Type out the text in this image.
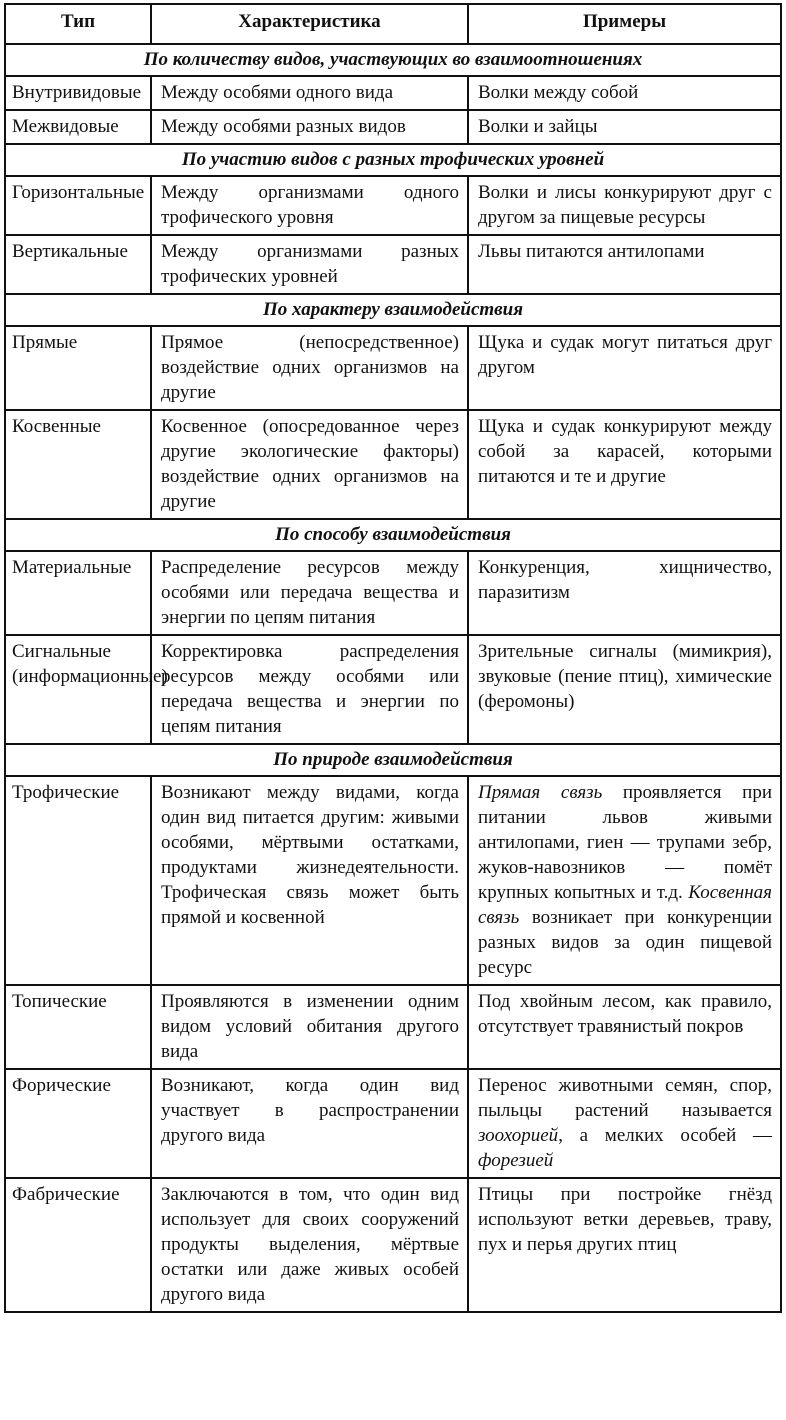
Тип	Характеристика	Примеры
По количеству видов, участвующих во взаимоотношениях		
Внутривидовые	Между особями одного вида	Волки между собой
Межвидовые	Между особями разных видов	Волки и зайцы
По участию видов с разных трофических уровней		
Горизонтальные	Между организмами одного трофического уровня	Волки и лисы конкурируют друг с другом за пищевые ресурсы
Вертикальные	Между организмами разных трофических уровней	Львы питаются антилопами
По характеру взаимодействия		
Прямые	Прямое (непосредственное) воздействие одних организмов на другие	Щука и судак могут питаться друг другом
Косвенные	Косвенное (опосредованное через другие экологические факторы) воздействие одних организмов на другие	Щука и судак конкурируют между собой за карасей, которыми питаются и те и другие
По способу взаимодействия		
Материальные	Распределение ресурсов между особями или передача вещества и энергии по цепям питания	Конкуренция, хищничество, паразитизм
Сигнальные (информационные)	Корректировка распределения ресурсов между особями или передача вещества и энергии по цепям питания	Зрительные сигналы (мимикрия), звуковые (пение птиц), химические (феромоны)
По природе взаимодействия		
Трофические	Возникают между видами, когда один вид питается другим: живыми особями, мёртвыми остатками, продуктами жизнедеятельности. Трофическая связь может быть прямой и косвенной	Прямая связь проявляется при питании львов живыми антилопами, гиен — трупами зебр, жуков-навозников — помёт крупных копытных и т.д. Косвенная связь возникает при конкуренции разных видов за один пищевой ресурс
Топические	Проявляются в изменении одним видом условий обитания другого вида	Под хвойным лесом, как правило, отсутствует травянистый покров
Форические	Возникают, когда один вид участвует в распространении другого вида	Перенос животными семян, спор, пыльцы растений называется зоохорией, а мелких особей — форезией
Фабрические	Заключаются в том, что один вид использует для своих сооружений продукты выделения, мёртвые остатки или даже живых особей другого вида	Птицы при постройке гнёзд используют ветки деревьев, траву, пух и перья других птиц
